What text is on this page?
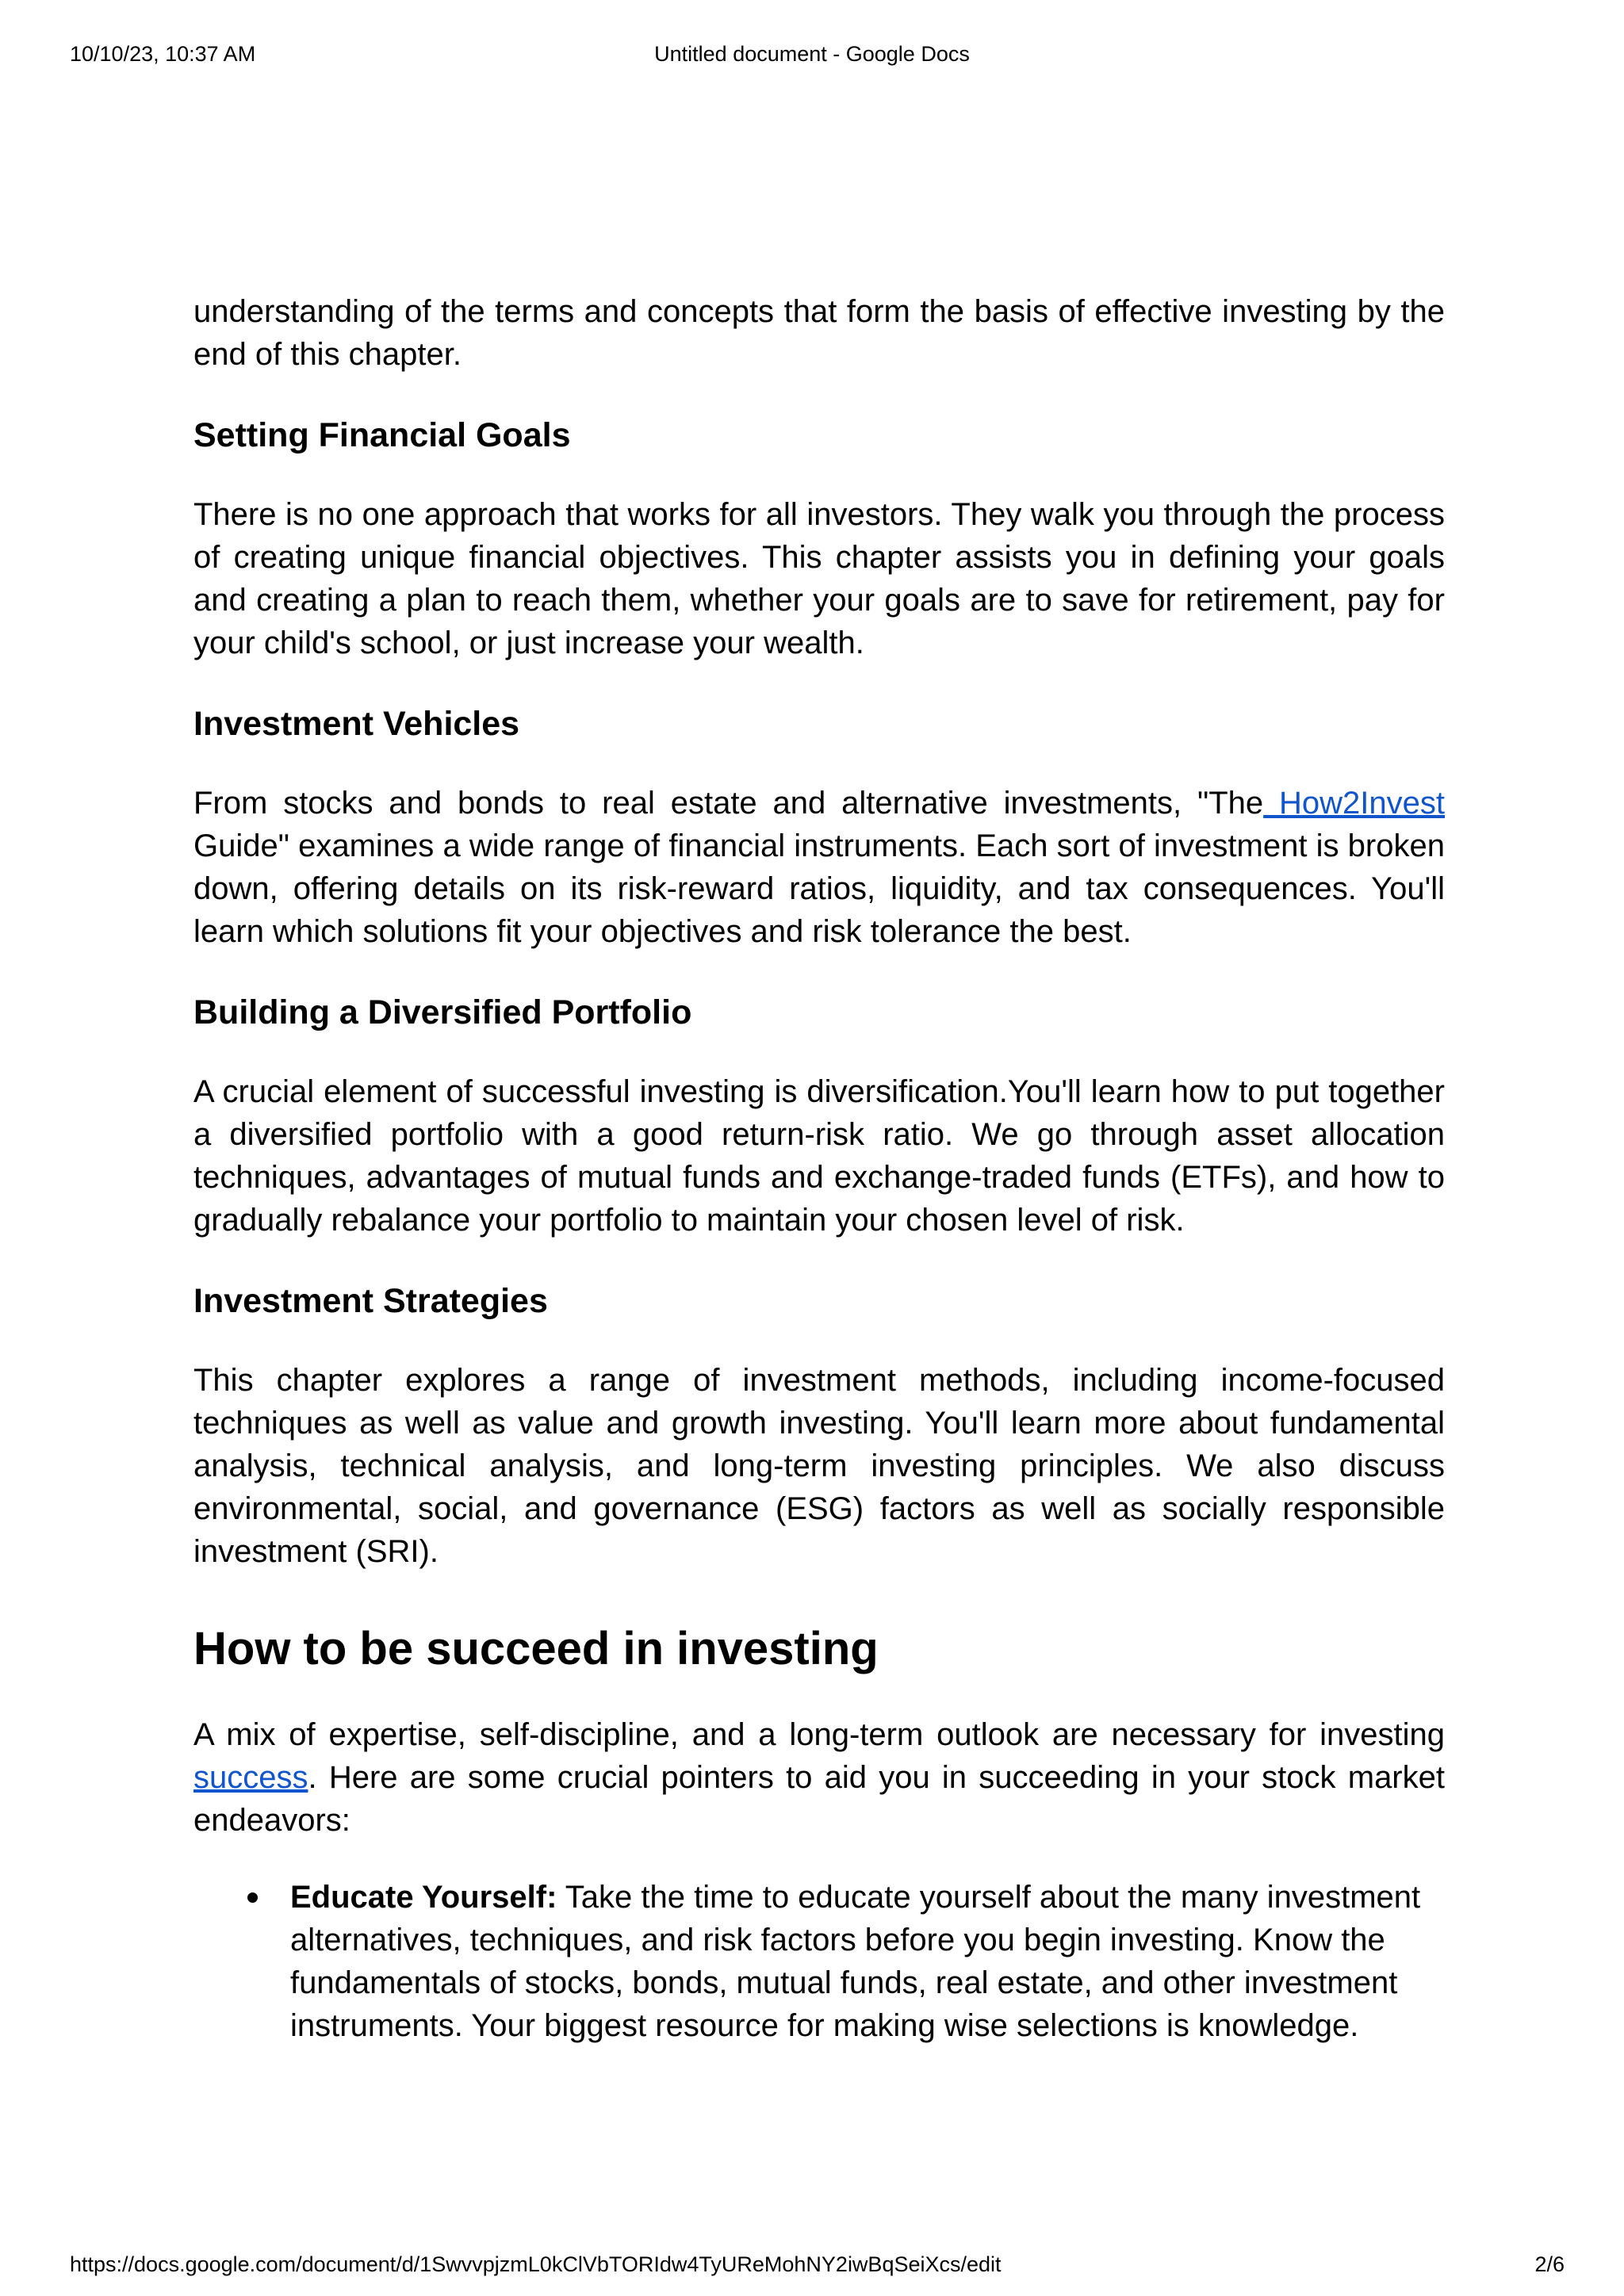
10/10/23, 10:37 AM	Untitled document - Google Docs

understanding of the terms and concepts that form the basis of effective investing by the end of this chapter.

Setting Financial Goals

There is no one approach that works for all investors. They walk you through the process of creating unique financial objectives. This chapter assists you in defining your goals and creating a plan to reach them, whether your goals are to save for retirement, pay for your child's school, or just increase your wealth.

Investment Vehicles

From stocks and bonds to real estate and alternative investments, "The How2Invest Guide" examines a wide range of financial instruments. Each sort of investment is broken down, offering details on its risk-reward ratios, liquidity, and tax consequences. You'll learn which solutions fit your objectives and risk tolerance the best.

Building a Diversified Portfolio

A crucial element of successful investing is diversification.You'll learn how to put together a diversified portfolio with a good return-risk ratio. We go through asset allocation techniques, advantages of mutual funds and exchange-traded funds (ETFs), and how to gradually rebalance your portfolio to maintain your chosen level of risk.

Investment Strategies

This chapter explores a range of investment methods, including income-focused techniques as well as value and growth investing. You'll learn more about fundamental analysis, technical analysis, and long-term investing principles. We also discuss environmental, social, and governance (ESG) factors as well as socially responsible investment (SRI).

How to be succeed in investing

A mix of expertise, self-discipline, and a long-term outlook are necessary for investing success. Here are some crucial pointers to aid you in succeeding in your stock market endeavors:

Educate Yourself: Take the time to educate yourself about the many investment alternatives, techniques, and risk factors before you begin investing. Know the fundamentals of stocks, bonds, mutual funds, real estate, and other investment instruments. Your biggest resource for making wise selections is knowledge.
https://docs.google.com/document/d/1SwvvpjzmL0kClVbTORIdw4TyUReMohNY2iwBqSeiXcs/edit	2/6
